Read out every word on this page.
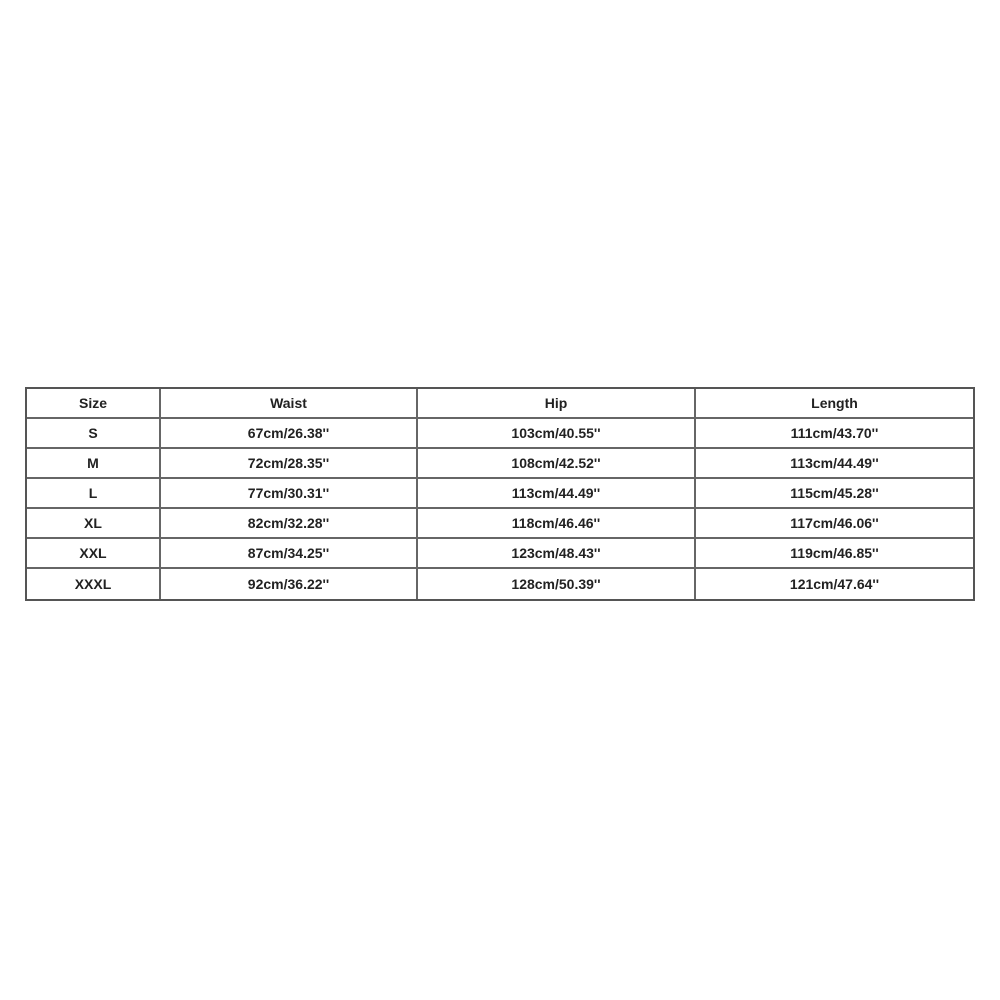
Size	Waist	Hip	Length
S	67cm/26.38''	103cm/40.55''	111cm/43.70''
M	72cm/28.35''	108cm/42.52''	113cm/44.49''
L	77cm/30.31''	113cm/44.49''	115cm/45.28''
XL	82cm/32.28''	118cm/46.46''	117cm/46.06''
XXL	87cm/34.25''	123cm/48.43''	119cm/46.85''
XXXL	92cm/36.22''	128cm/50.39''	121cm/47.64''
